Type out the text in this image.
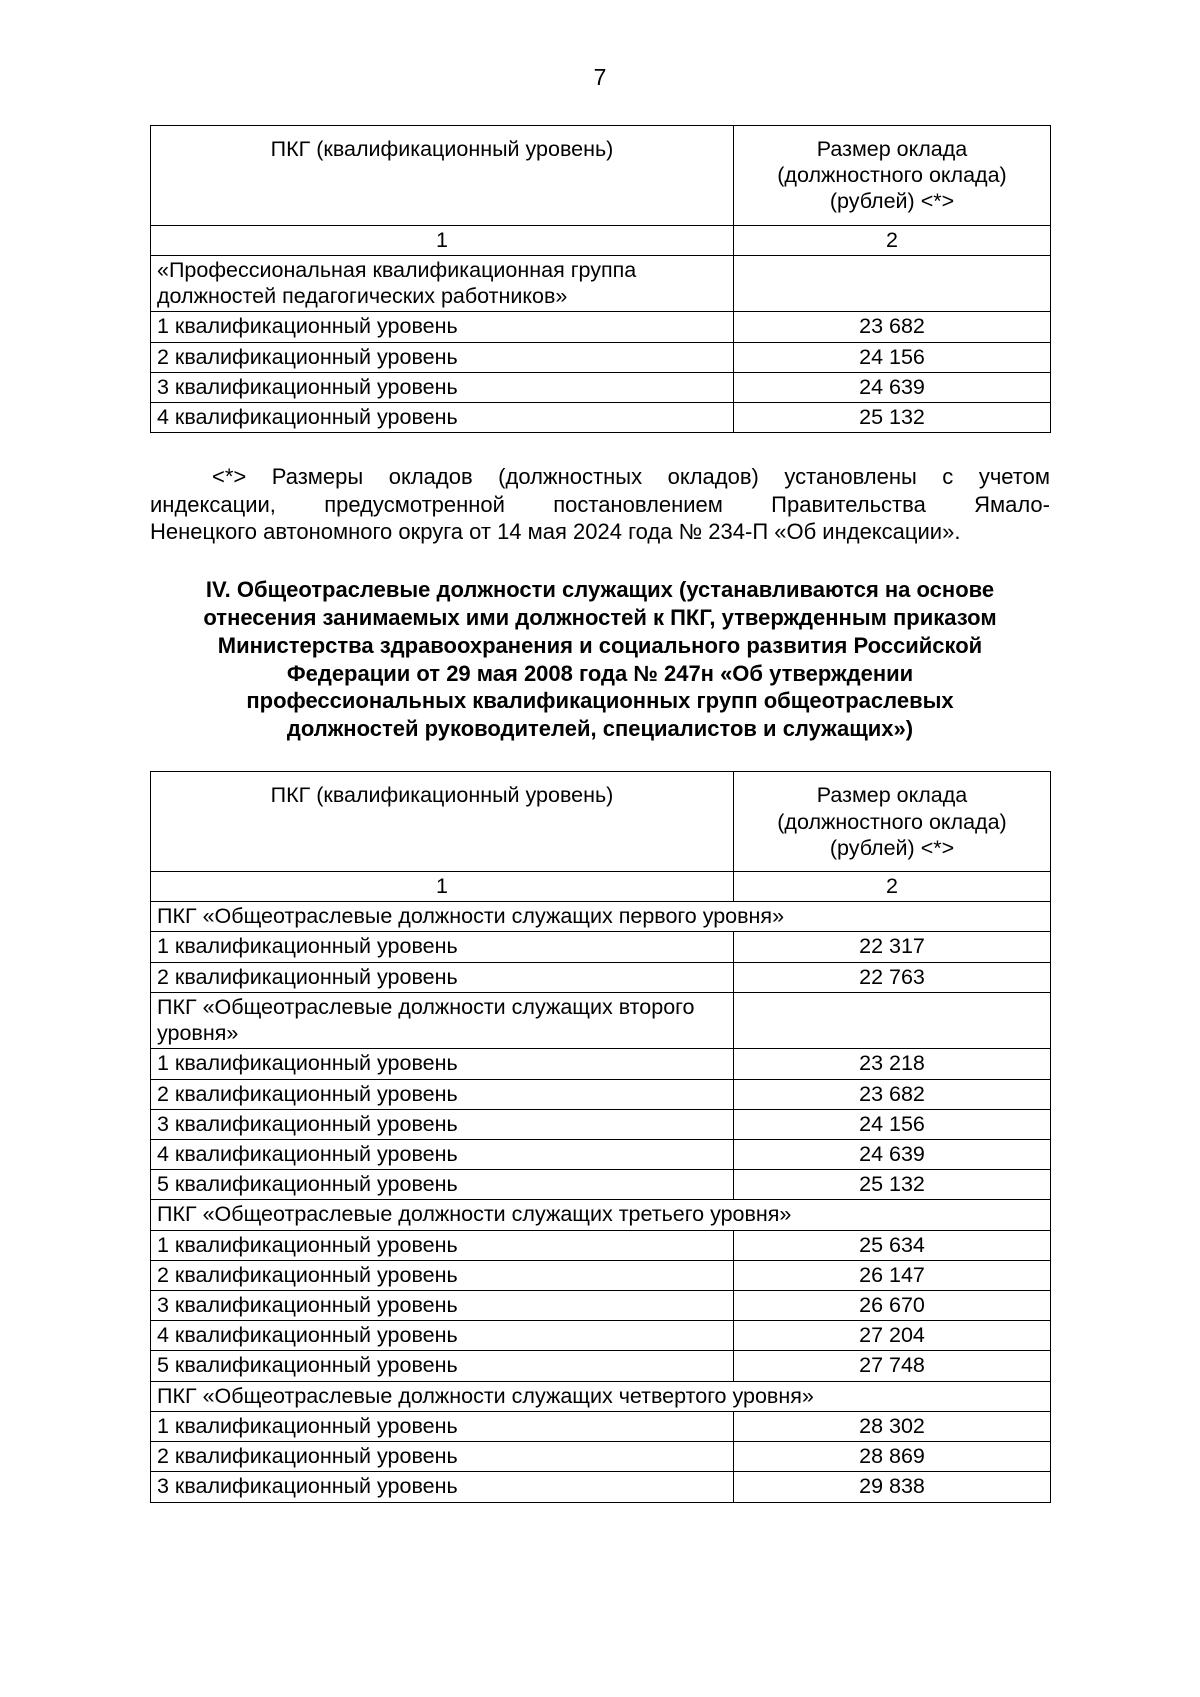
7
ПКГ (квалификационный уровень)	Размер оклада
(должностного оклада)
(рублей) <*>

1	2
«Профессиональная квалификационная группа должностей педагогических работников»	
1 квалификационный уровень	23 682
2 квалификационный уровень	24 156
3 квалификационный уровень	24 639
4 квалификационный уровень	25 132
<*> Размеры окладов (должностных окладов) установлены с учетом
индексации, предусмотренной постановлением Правительства Ямало-
Ненецкого автономного округа от 14 мая 2024 года № 234-П «Об индексации».
IV. Общеотраслевые должности служащих (устанавливаются на основе
отнесения занимаемых ими должностей к ПКГ, утвержденным приказом
Министерства здравоохранения и социального развития Российской
Федерации от 29 мая 2008 года № 247н «Об утверждении
профессиональных квалификационных групп общеотраслевых
должностей руководителей, специалистов и служащих»)
ПКГ (квалификационный уровень)	Размер оклада
(должностного оклада)
(рублей) <*>

1	2
ПКГ «Общеотраслевые должности служащих первого уровня»	
1 квалификационный уровень	22 317
2 квалификационный уровень	22 763
ПКГ «Общеотраслевые должности служащих второго уровня»	
1 квалификационный уровень	23 218
2 квалификационный уровень	23 682
3 квалификационный уровень	24 156
4 квалификационный уровень	24 639
5 квалификационный уровень	25 132
ПКГ «Общеотраслевые должности служащих третьего уровня»	
1 квалификационный уровень	25 634
2 квалификационный уровень	26 147
3 квалификационный уровень	26 670
4 квалификационный уровень	27 204
5 квалификационный уровень	27 748
ПКГ «Общеотраслевые должности служащих четвертого уровня»	
1 квалификационный уровень	28 302
2 квалификационный уровень	28 869
3 квалификационный уровень	29 838
